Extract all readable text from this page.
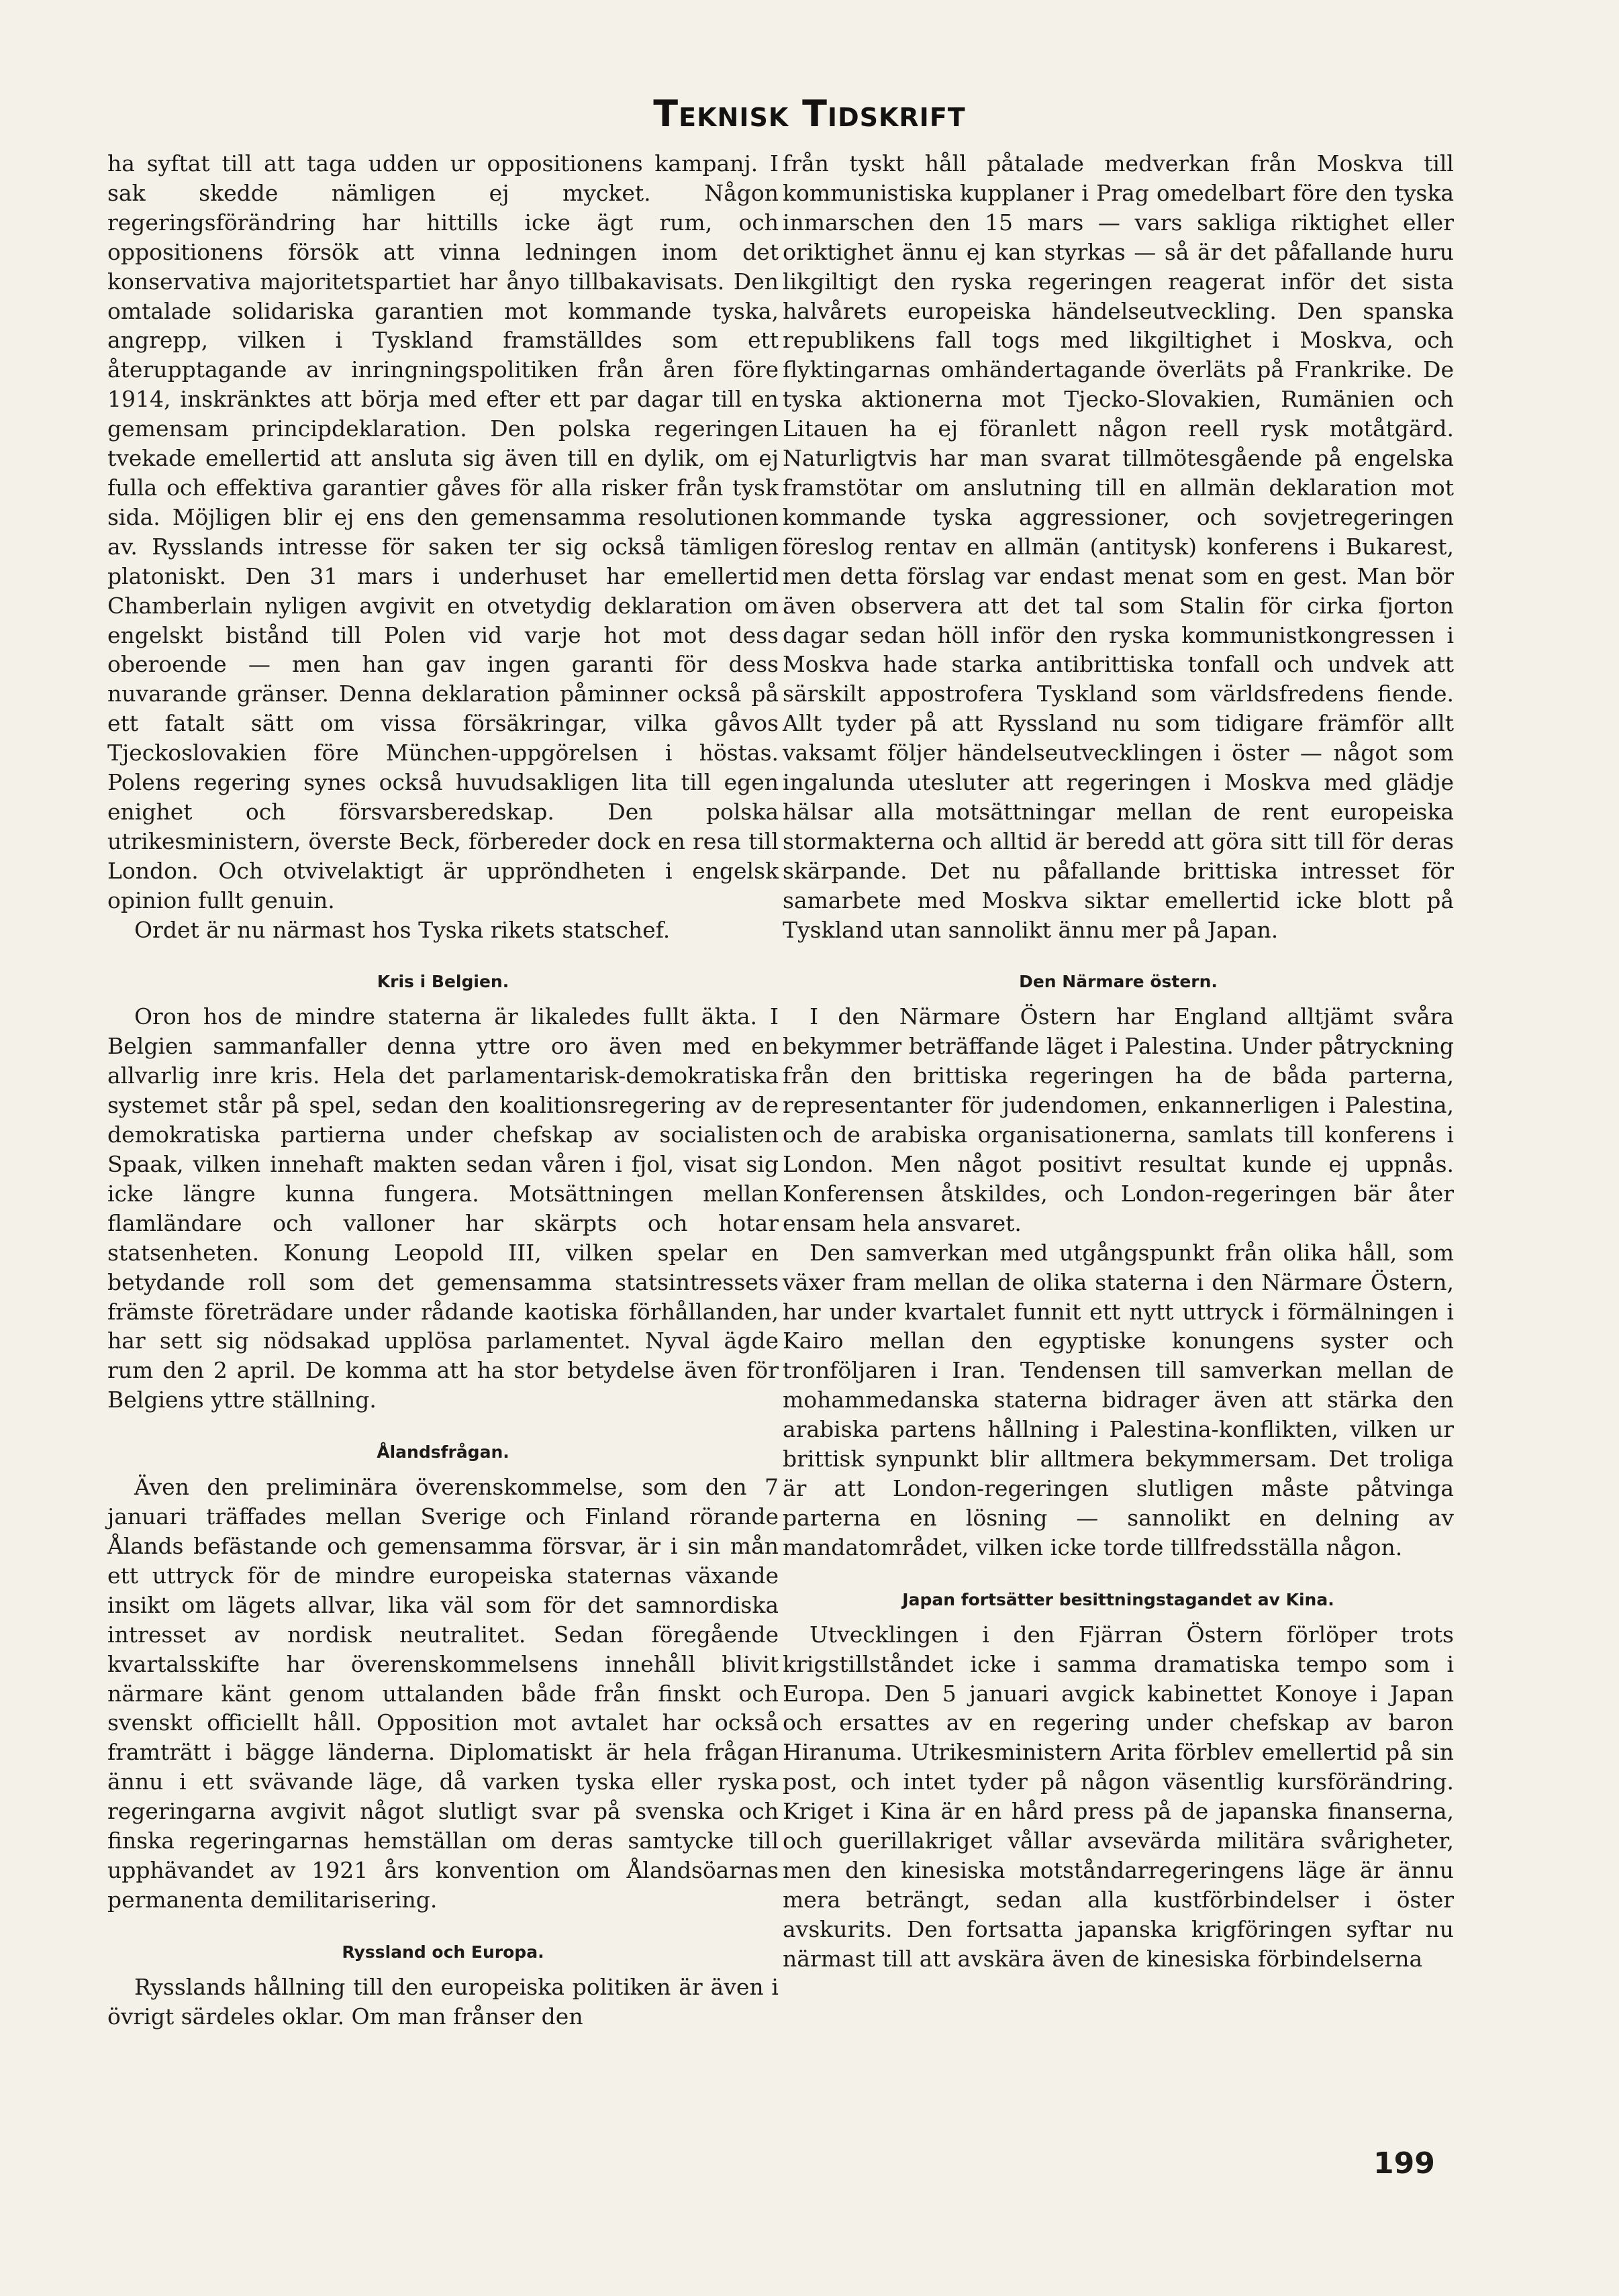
Teknisk Tidskrift

ha syftat till att taga udden ur oppositionens kampanj. I sak skedde nämligen ej mycket. Någon regeringsförändring har hittills icke ägt rum, och oppositionens försök att vinna ledningen inom det konservativa majoritetspartiet har ånyo tillbakavisats. Den omtalade solidariska garantien mot kommande tyska, angrepp, vilken i Tyskland framställdes som ett återupptagande av inringningspolitiken från åren före 1914, inskränktes att börja med efter ett par dagar till en gemensam principdeklaration. Den polska regeringen tvekade emellertid att ansluta sig även till en dylik, om ej fulla och effektiva garantier gåves för alla risker från tysk sida. Möjligen blir ej ens den gemensamma resolutionen av. Rysslands intresse för saken ter sig också tämligen platoniskt. Den 31 mars i underhuset har emellertid Chamberlain nyligen avgivit en otvetydig deklaration om engelskt bistånd till Polen vid varje hot mot dess oberoende — men han gav ingen garanti för dess nuvarande gränser. Denna deklaration påminner också på ett fatalt sätt om vissa försäkringar, vilka gåvos Tjeckoslovakien före München-uppgörelsen i höstas. Polens regering synes också huvudsakligen lita till egen enighet och försvarsberedskap. Den polska utrikesministern, överste Beck, förbereder dock en resa till London. Och otvivelaktigt är uppröndheten i engelsk opinion fullt genuin.

Ordet är nu närmast hos Tyska rikets statschef.

Kris i Belgien.

Oron hos de mindre staterna är likaledes fullt äkta. I Belgien sammanfaller denna yttre oro även med en allvarlig inre kris. Hela det parlamentarisk-demokratiska systemet står på spel, sedan den koalitionsregering av de demokratiska partierna under chefskap av socialisten Spaak, vilken innehaft makten sedan våren i fjol, visat sig icke längre kunna fungera. Motsättningen mellan flamländare och valloner har skärpts och hotar statsenheten. Konung Leopold III, vilken spelar en betydande roll som det gemensamma statsintressets främste företrädare under rådande kaotiska förhållanden, har sett sig nödsakad upplösa parlamentet. Nyval ägde rum den 2 april. De komma att ha stor betydelse även för Belgiens yttre ställning.

Ålandsfrågan.

Även den preliminära överenskommelse, som den 7 januari träffades mellan Sverige och Finland rörande Ålands befästande och gemensamma försvar, är i sin mån ett uttryck för de mindre europeiska staternas växande insikt om lägets allvar, lika väl som för det samnordiska intresset av nordisk neutralitet. Sedan föregående kvartalsskifte har överenskommelsens innehåll blivit närmare känt genom uttalanden både från finskt och svenskt officiellt håll. Opposition mot avtalet har också framträtt i bägge länderna. Diplomatiskt är hela frågan ännu i ett svävande läge, då varken tyska eller ryska regeringarna avgivit något slutligt svar på svenska och finska regeringarnas hemställan om deras samtycke till upphävandet av 1921 års konvention om Ålandsöarnas permanenta demilitarisering.

Ryssland och Europa.

Rysslands hållning till den europeiska politiken är även i övrigt särdeles oklar. Om man frånser den

från tyskt håll påtalade medverkan från Moskva till kommunistiska kupplaner i Prag omedelbart före den tyska inmarschen den 15 mars — vars sakliga riktighet eller oriktighet ännu ej kan styrkas — så är det påfallande huru likgiltigt den ryska regeringen reagerat inför det sista halvårets europeiska händelseutveckling. Den spanska republikens fall togs med likgiltighet i Moskva, och flyktingarnas omhändertagande överläts på Frankrike. De tyska aktionerna mot Tjecko-Slovakien, Rumänien och Litauen ha ej föranlett någon reell rysk motåtgärd. Naturligtvis har man svarat tillmötesgående på engelska framstötar om anslutning till en allmän deklaration mot kommande tyska aggressioner, och sovjetregeringen föreslog rentav en allmän (antitysk) konferens i Bukarest, men detta förslag var endast menat som en gest. Man bör även observera att det tal som Stalin för cirka fjorton dagar sedan höll inför den ryska kommunistkongressen i Moskva hade starka antibrittiska tonfall och undvek att särskilt appostrofera Tyskland som världsfredens fiende. Allt tyder på att Ryssland nu som tidigare främför allt vaksamt följer händelseutvecklingen i öster — något som ingalunda utesluter att regeringen i Moskva med glädje hälsar alla motsättningar mellan de rent europeiska stormakterna och alltid är beredd att göra sitt till för deras skärpande. Det nu påfallande brittiska intresset för samarbete med Moskva siktar emellertid icke blott på Tyskland utan sannolikt ännu mer på Japan.

Den Närmare östern.

I den Närmare Östern har England alltjämt svåra bekymmer beträffande läget i Palestina. Under påtryckning från den brittiska regeringen ha de båda parterna, representanter för judendomen, enkannerligen i Palestina, och de arabiska organisationerna, samlats till konferens i London. Men något positivt resultat kunde ej uppnås. Konferensen åtskildes, och London-regeringen bär åter ensam hela ansvaret.

Den samverkan med utgångspunkt från olika håll, som växer fram mellan de olika staterna i den Närmare Östern, har under kvartalet funnit ett nytt uttryck i förmälningen i Kairo mellan den egyptiske konungens syster och tronföljaren i Iran. Tendensen till samverkan mellan de mohammedanska staterna bidrager även att stärka den arabiska partens hållning i Palestina-konflikten, vilken ur brittisk synpunkt blir alltmera bekymmersam. Det troliga är att London-regeringen slutligen måste påtvinga parterna en lösning — sannolikt en delning av mandatområdet, vilken icke torde tillfredsställa någon.

Japan fortsätter besittningstagandet av Kina.

Utvecklingen i den Fjärran Östern förlöper trots krigstillståndet icke i samma dramatiska tempo som i Europa. Den 5 januari avgick kabinettet Konoye i Japan och ersattes av en regering under chefskap av baron Hiranuma. Utrikesministern Arita förblev emellertid på sin post, och intet tyder på någon väsentlig kursförändring. Kriget i Kina är en hård press på de japanska finanserna, och guerillakriget vållar avsevärda militära svårigheter, men den kinesiska motståndarregeringens läge är ännu mera beträngt, sedan alla kustförbindelser i öster avskurits. Den fortsatta japanska krigföringen syftar nu närmast till att avskära även de kinesiska förbindelserna

199
